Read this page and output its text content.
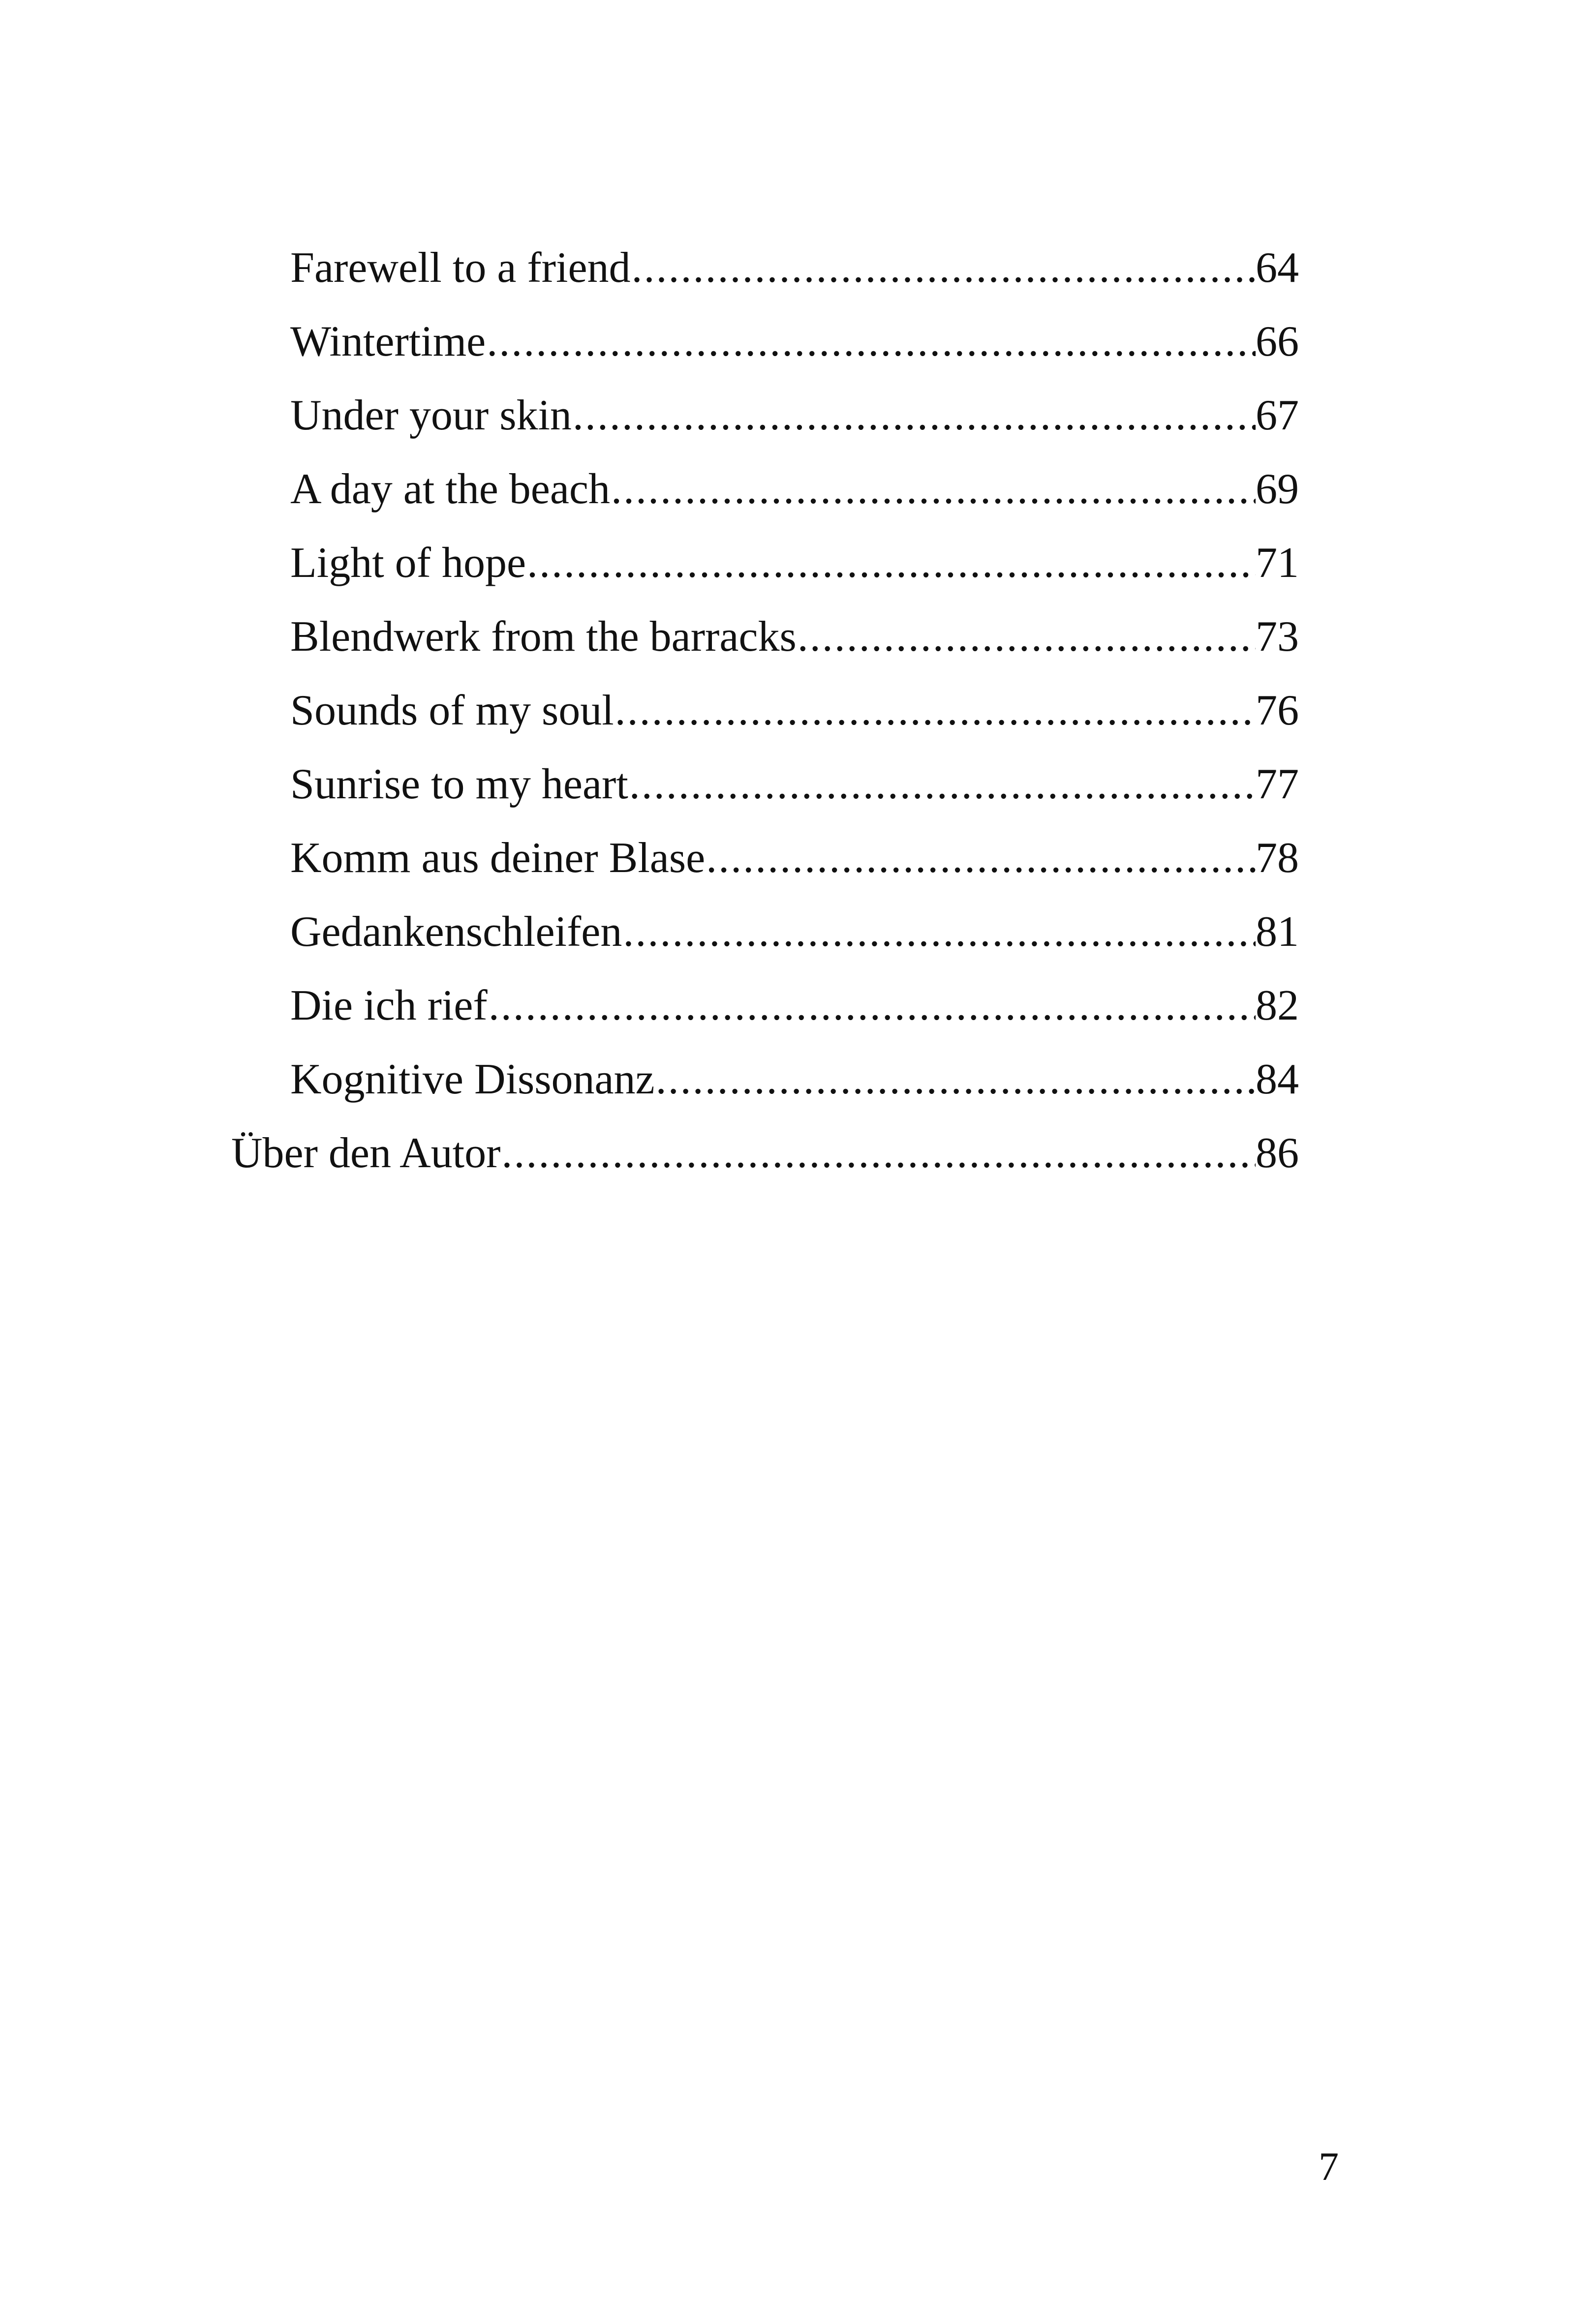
Farewell to a friend .....	64
Wintertime .....	66
Under your skin .....	67
A day at the beach .....	69
Light of hope .....	71
Blendwerk from the barracks .....	73
Sounds of my soul .....	76
Sunrise to my heart .....	77
Komm aus deiner Blase .....	78
Gedankenschleifen .....	81
Die ich rief .....	82
Kognitive Dissonanz .....	84
Über den Autor .....	86
7
